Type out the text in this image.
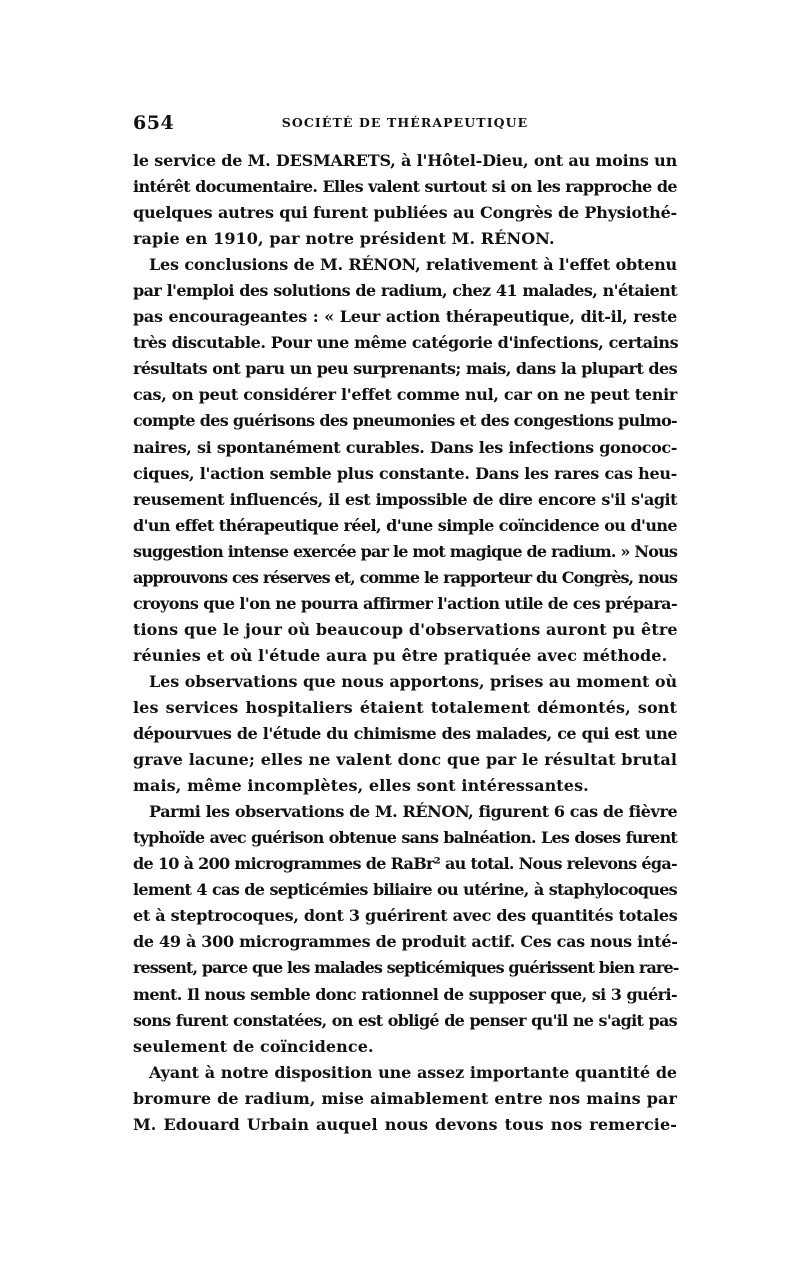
654	SOCIÉTÉ DE THÉRAPEUTIQUE
le service de M. DESMARETS, à l'Hôtel-Dieu, ont au moins un
intérêt documentaire. Elles valent surtout si on les rapproche de
quelques autres qui furent publiées au Congrès de Physiothé-
rapie en 1910, par notre président M. RÉNON.
Les conclusions de M. RÉNON, relativement à l'effet obtenu
par l'emploi des solutions de radium, chez 41 malades, n'étaient
pas encourageantes : « Leur action thérapeutique, dit-il, reste
très discutable. Pour une même catégorie d'infections, certains
résultats ont paru un peu surprenants; mais, dans la plupart des
cas, on peut considérer l'effet comme nul, car on ne peut tenir
compte des guérisons des pneumonies et des congestions pulmo-
naires, si spontanément curables. Dans les infections gonococ-
ciques, l'action semble plus constante. Dans les rares cas heu-
reusement influencés, il est impossible de dire encore s'il s'agit
d'un effet thérapeutique réel, d'une simple coïncidence ou d'une
suggestion intense exercée par le mot magique de radium. » Nous
approuvons ces réserves et, comme le rapporteur du Congrès, nous
croyons que l'on ne pourra affirmer l'action utile de ces prépara-
tions que le jour où beaucoup d'observations auront pu être
réunies et où l'étude aura pu être pratiquée avec méthode.
Les observations que nous apportons, prises au moment où
les services hospitaliers étaient totalement démontés, sont
dépourvues de l'étude du chimisme des malades, ce qui est une
grave lacune; elles ne valent donc que par le résultat brutal
mais, même incomplètes, elles sont intéressantes.
Parmi les observations de M. RÉNON, figurent 6 cas de fièvre
typhoïde avec guérison obtenue sans balnéation. Les doses furent
de 10 à 200 microgrammes de RaBr² au total. Nous relevons éga-
lement 4 cas de septicémies biliaire ou utérine, à staphylocoques
et à steptrocoques, dont 3 guérirent avec des quantités totales
de 49 à 300 microgrammes de produit actif. Ces cas nous inté-
ressent, parce que les malades septicémiques guérissent bien rare-
ment. Il nous semble donc rationnel de supposer que, si 3 guéri-
sons furent constatées, on est obligé de penser qu'il ne s'agit pas
seulement de coïncidence.
Ayant à notre disposition une assez importante quantité de
bromure de radium, mise aimablement entre nos mains par
M. Edouard Urbain auquel nous devons tous nos remercie-
